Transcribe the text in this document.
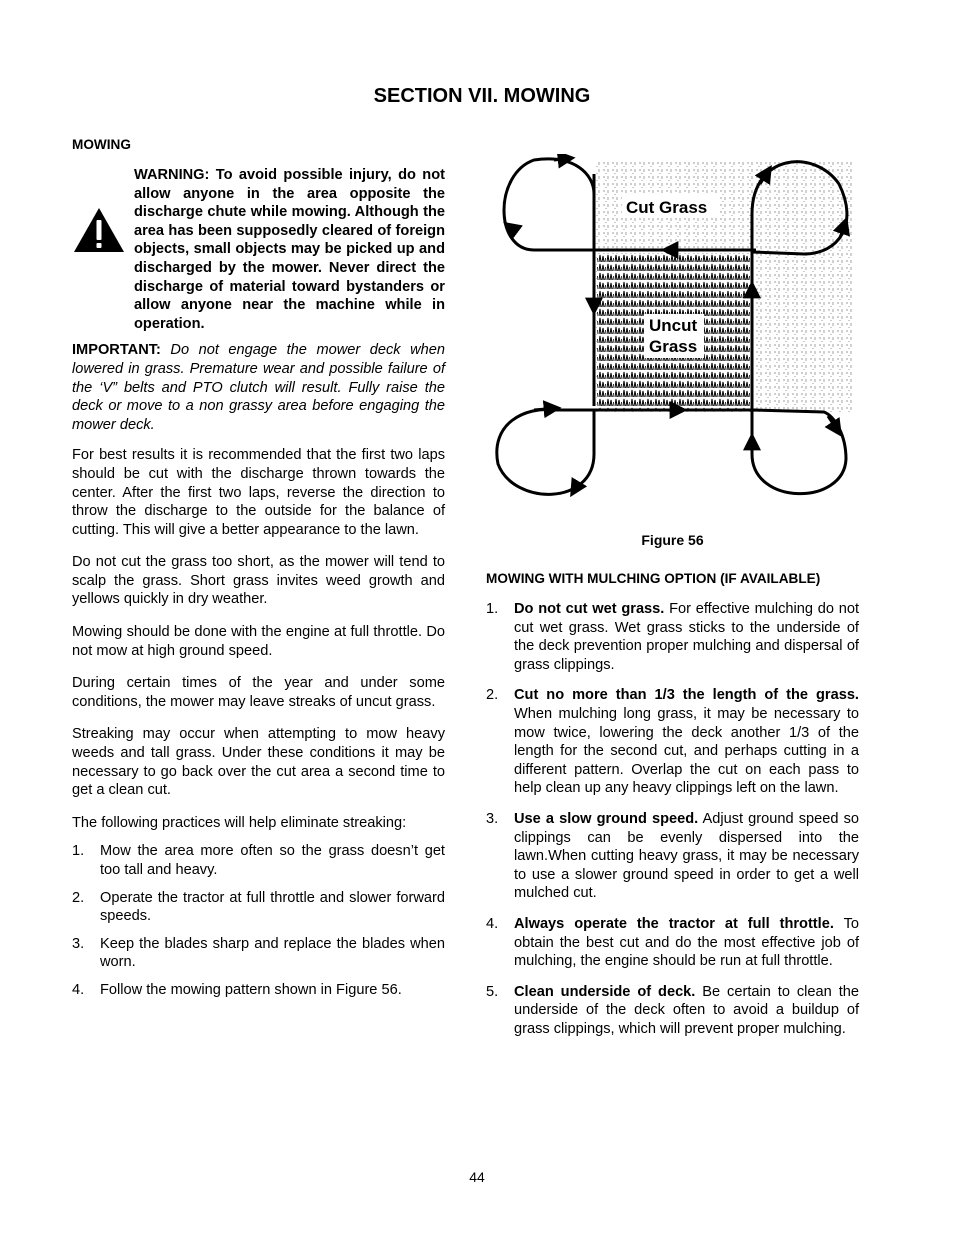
SECTION VII. MOWING
MOWING
WARNING: To avoid possible injury, do not allow anyone in the area opposite the discharge chute while mowing. Although the area has been supposedly cleared of foreign objects, small objects may be picked up and discharged by the mower. Never direct the discharge of material toward bystanders or allow anyone near the machine while in operation.

IMPORTANT: Do not engage the mower deck when lowered in grass. Premature wear and possible failure of the ‘V” belts and PTO clutch will result. Fully raise the deck or move to a non grassy area before engaging the mower deck.

For best results it is recommended that the first two laps should be cut with the discharge thrown towards the center. After the first two laps, reverse the direction to throw the discharge to the outside for the balance of cutting. This will give a better appearance to the lawn.

Do not cut the grass too short, as the mower will tend to scalp the grass. Short grass invites weed growth and yellows quickly in dry weather.

Mowing should be done with the engine at full throttle. Do not mow at high ground speed.

During certain times of the year and under some conditions, the mower may leave streaks of uncut grass.

Streaking may occur when attempting to mow heavy weeds and tall grass. Under these conditions it may be necessary to go back over the cut area a second time to get a clean cut.

The following practices will help eliminate streaking:

1. Mow the area more often so the grass doesn’t get too tall and heavy.
2. Operate the tractor at full throttle and slower forward speeds.
3. Keep the blades sharp and replace the blades when worn.
4. Follow the mowing pattern shown in Figure 56.
Cut Grass
Uncut
Grass
Figure 56
MOWING WITH MULCHING OPTION (IF AVAILABLE)
1. Do not cut wet grass. For effective mulching do not cut wet grass. Wet grass sticks to the underside of the deck prevention proper mulching and dispersal of grass clippings.
2. Cut no more than 1/3 the length of the grass. When mulching long grass, it may be necessary to mow twice, lowering the deck another 1/3 of the length for the second cut, and perhaps cutting in a different pattern. Overlap the cut on each pass to help clean up any heavy clippings left on the lawn.
3. Use a slow ground speed. Adjust ground speed so clippings can be evenly dispersed into the lawn.When cutting heavy grass, it may be necessary to use a slower ground speed in order to get a well mulched cut.
4. Always operate the tractor at full throttle. To obtain the best cut and do the most effective job of mulching, the engine should be run at full throttle.
5. Clean underside of deck. Be certain to clean the underside of the deck often to avoid a buildup of grass clippings, which will prevent proper mulching.
44
